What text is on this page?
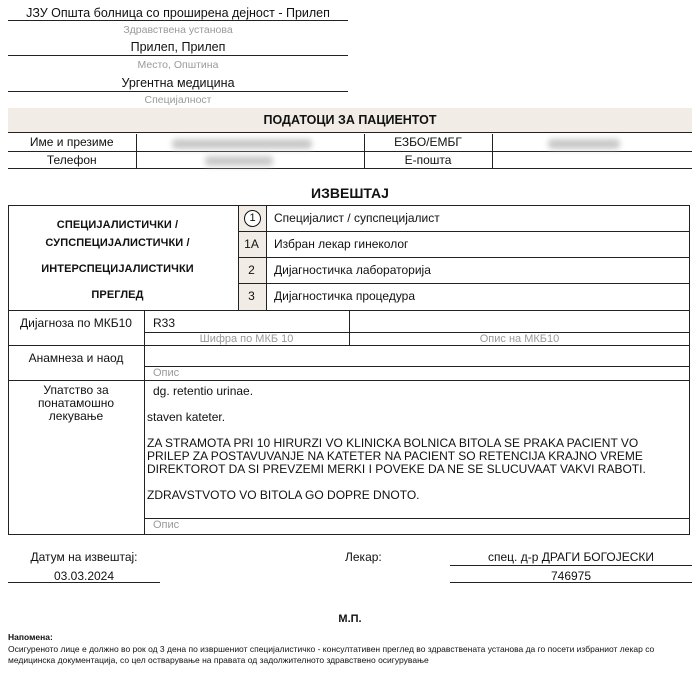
ЈЗУ Општа болница со проширена дејност - Прилеп
Здравствена установа
Прилеп, Прилеп
Место, Општина
Ургентна медицина
Специјалност
ПОДАТОЦИ ЗА ПАЦИЕНТОТ
Име и презиме		ЕЗБО/ЕМБГ	
Телефон		Е-пошта	
ИЗВЕШТАЈ
СПЕЦИЈАЛИСТИЧКИ /
СУПСПЕЦИЈАЛИСТИЧКИ /
ИНТЕРСПЕЦИЈАЛИСТИЧКИ
ПРЕГЛЕД
1	Специјалист / супспецијалист
1А	Избран лекар гинеколог
2	Дијагностичка лабораторија
3	Дијагностичка процедура
Дијагноза по МКБ10	R33
Шифра по МКБ 10	Опис на МКБ10
Анамнеза и наод
Опис
Упатство за понатамошно лекување
dg. retentio urinae.
staven kateter.
ZA STRAMOTA PRI 10 HIRURZI VO KLINICKA BOLNICA BITOLA SE PRAKA PACIENT VO PRILEP ZA POSTAVUVANJE NA KATETER NA PACIENT SO RETENCIJA KRAJNO VREME DIREKTOROT DA SI PREVZEMI MERKI I POVEKE DA NE SE SLUCUVAAT VAKVI RABOTI.
ZDRAVSTVOTO VO BITOLA GO DOPRE DNOTO.
Опис
Датум на извештај:
03.03.2024
Лекар:	спец. д-р ДРАГИ БОГОЈЕСКИ
746975
М.П.
Напомена:
Осигуреното лице е должно во рок од 3 дена по извршениот специјалистичко - консултативен преглед во здравствената установа да го посети избраниот лекар со медицинска документација, со цел остварување на правата од задолжителното здравствено осигурување
